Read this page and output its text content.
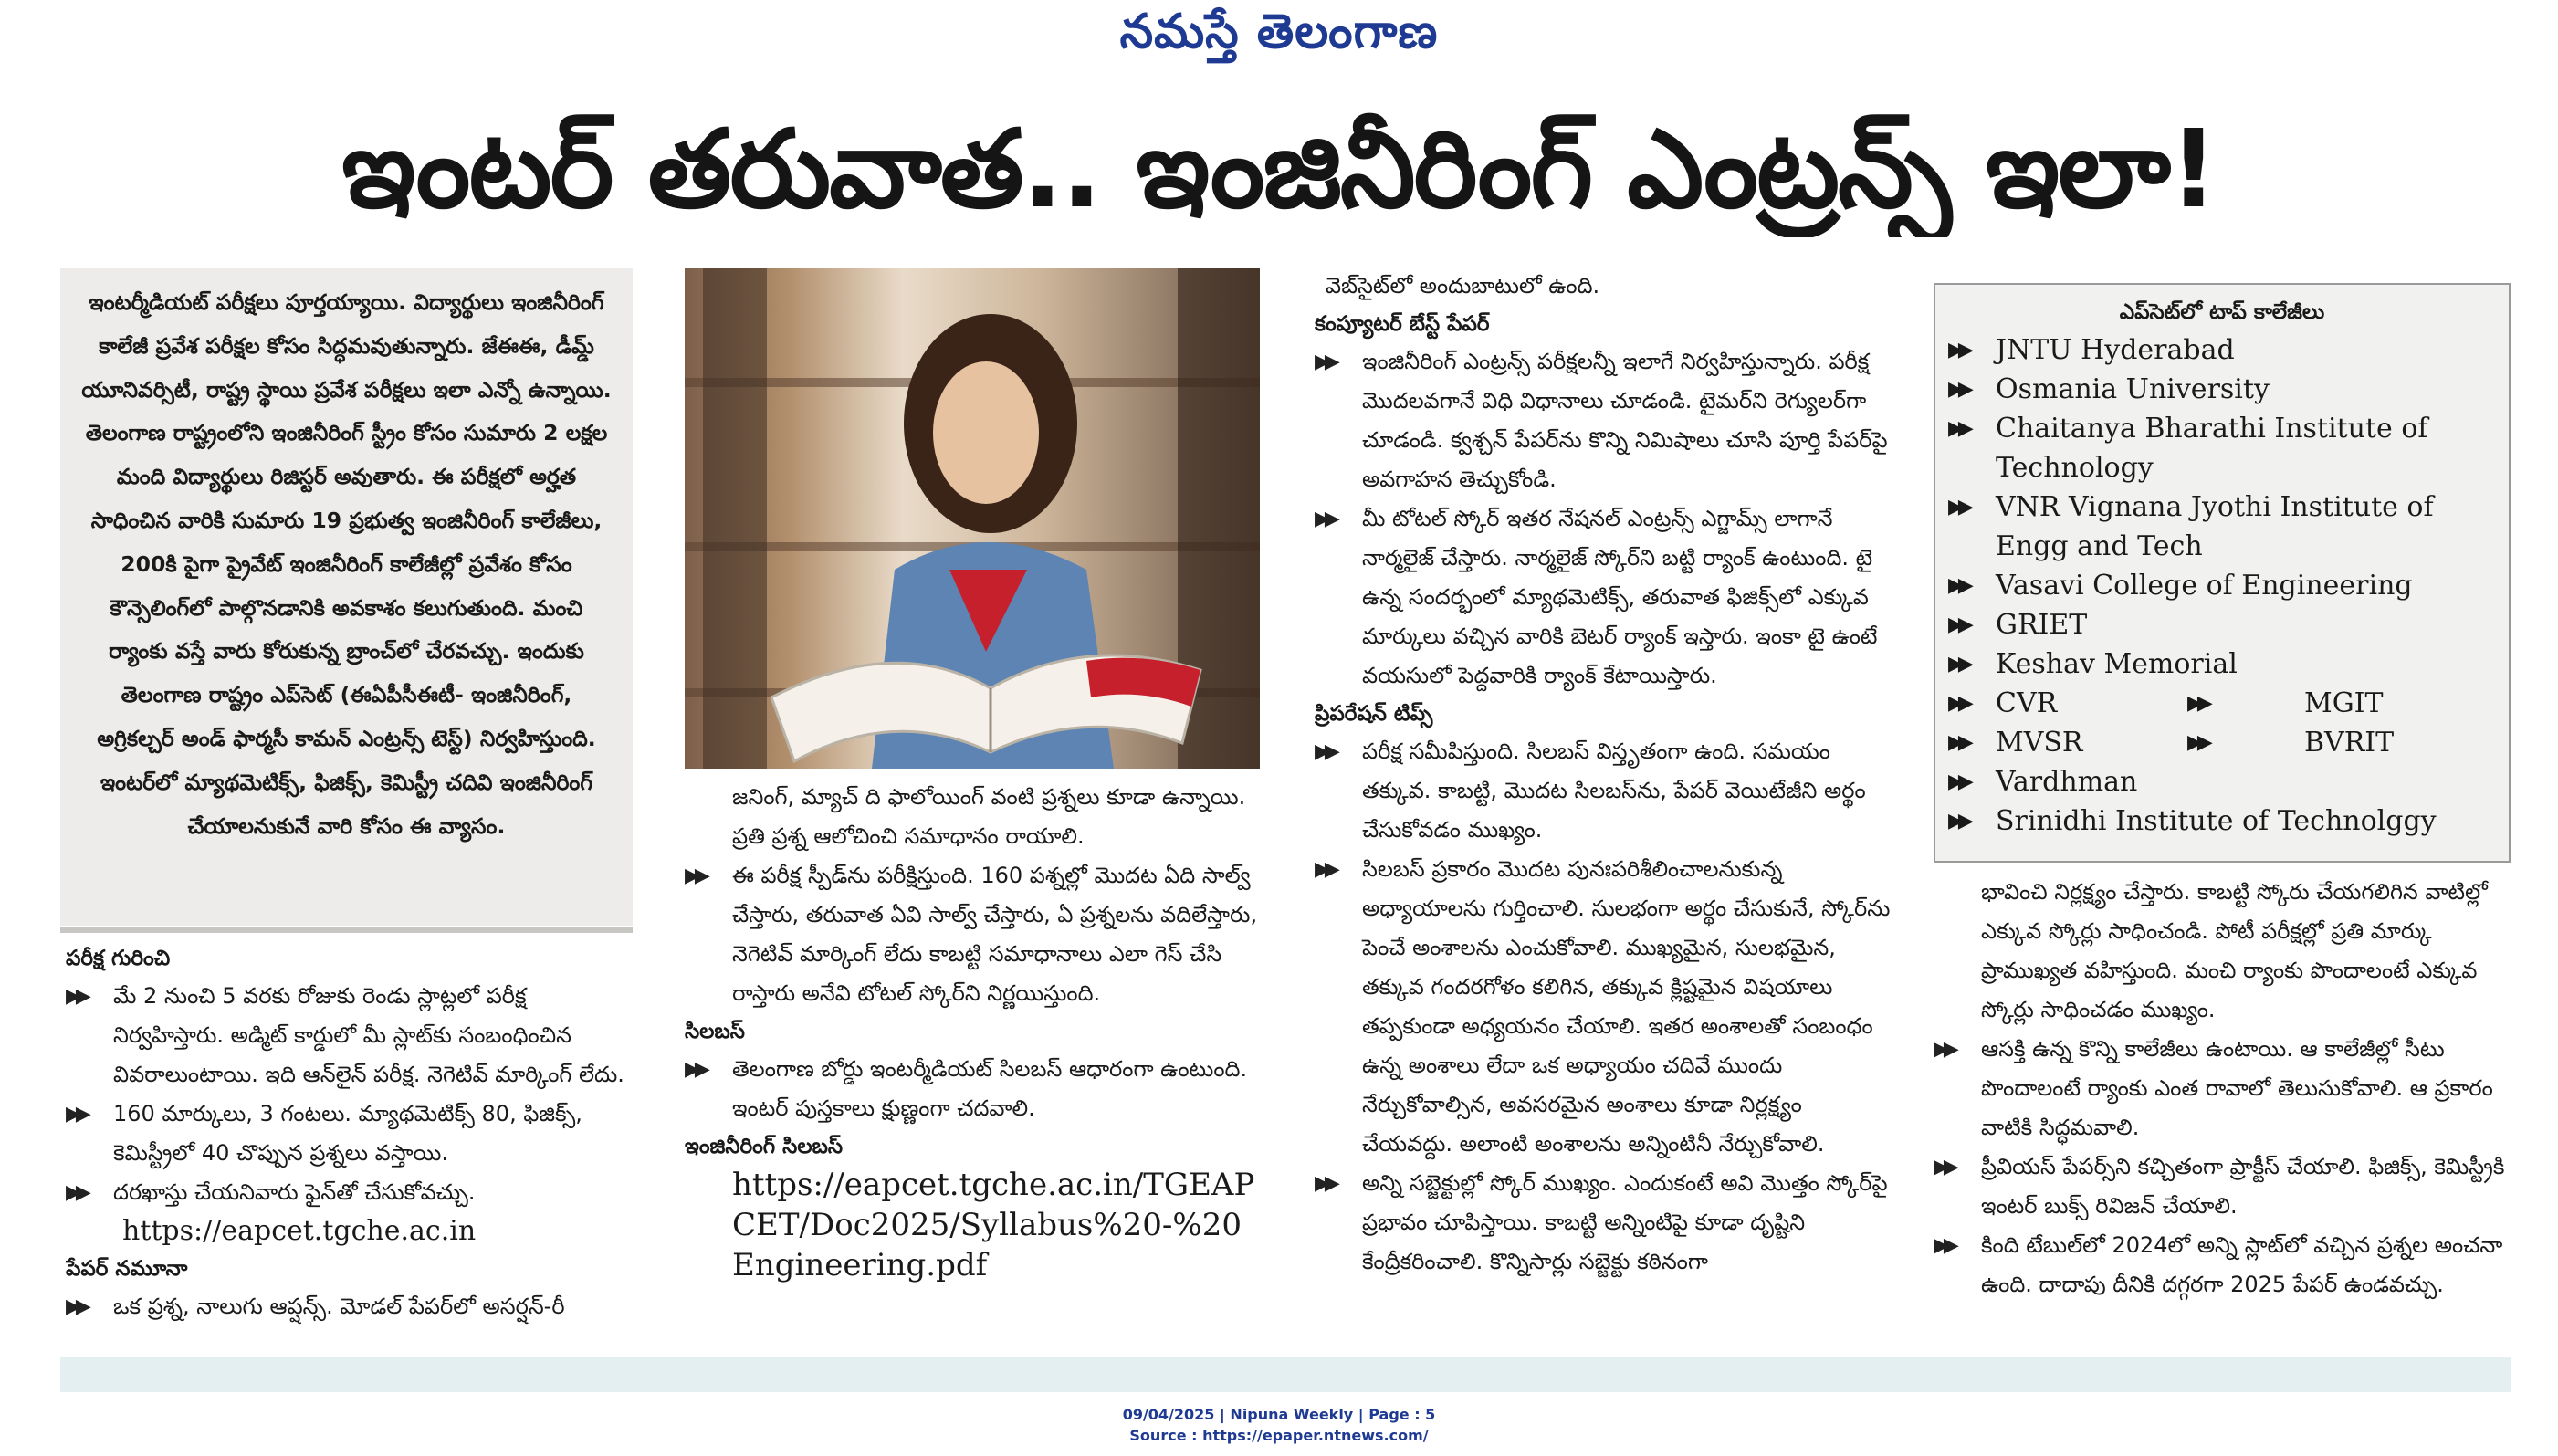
నమస్తే తెలంగాణ
ఇంటర్ తరువాత.. ఇంజినీరింగ్ ఎంట్రన్స్ ఇలా!
ఇంటర్మీడియట్ పరీక్షలు పూర్తయ్యాయి. విద్యార్థులు ఇంజినీరింగ్ కాలేజీ ప్రవేశ పరీక్షల కోసం సిద్ధమవుతున్నారు. జేఈఈ, డీమ్డ్ యూనివర్సిటీ, రాష్ట్ర స్థాయి ప్రవేశ పరీక్షలు ఇలా ఎన్నో ఉన్నాయి. తెలంగాణ రాష్ట్రంలోని ఇంజినీరింగ్ స్ట్రీం కోసం సుమారు 2 లక్షల మంది విద్యార్థులు రిజిస్టర్ అవుతారు. ఈ పరీక్షలో అర్హత సాధించిన వారికి సుమారు 19 ప్రభుత్వ ఇంజినీరింగ్ కాలేజీలు, 200కి పైగా ప్రైవేట్ ఇంజినీరింగ్ కాలేజీల్లో ప్రవేశం కోసం కౌన్సెలింగ్‌లో పాల్గొనడానికి అవకాశం కలుగుతుంది. మంచి ర్యాంకు వస్తే వారు కోరుకున్న బ్రాంచ్‌లో చేరవచ్చు. ఇందుకు తెలంగాణ రాష్ట్రం ఎప్‌సెట్ (ఈఏపీసీఈటీ- ఇంజినీరింగ్, అగ్రికల్చర్ అండ్ ఫార్మసీ కామన్ ఎంట్రన్స్ టెస్ట్) నిర్వహిస్తుంది. ఇంటర్‌లో మ్యాథమెటిక్స్, ఫిజిక్స్, కెమిస్ట్రీ చదివి ఇంజినీరింగ్ చేయాలనుకునే వారి కోసం ఈ వ్యాసం.
పరీక్ష గురించి

▶▶ మే 2 నుంచి 5 వరకు రోజుకు రెండు స్లాట్లలో పరీక్ష నిర్వహిస్తారు. అడ్మిట్ కార్డులో మీ స్లాట్‌కు సంబంధించిన వివరాలుంటాయి. ఇది ఆన్‌లైన్ పరీక్ష. నెగెటివ్ మార్కింగ్ లేదు.

▶▶ 160 మార్కులు, 3 గంటలు. మ్యాథమెటిక్స్ 80, ఫిజిక్స్, కెమిస్ట్రీలో 40 చొప్పున ప్రశ్నలు వస్తాయి.

▶▶ దరఖాస్తు చేయనివారు ఫైన్‌తో చేసుకోవచ్చు.

https://eapcet.tgche.ac.in
పేపర్ నమూనా

▶▶ ఒక ప్రశ్న, నాలుగు ఆప్షన్స్. మోడల్ పేపర్‌లో అసర్షన్-రీ

జనింగ్, మ్యాచ్ ది ఫాలోయింగ్ వంటి ప్రశ్నలు కూడా ఉన్నాయి. ప్రతి ప్రశ్న ఆలోచించి సమాధానం రాయాలి.

▶▶ ఈ పరీక్ష స్పీడ్‌ను పరీక్షిస్తుంది. 160 పశ్నల్లో మొదట ఏది సాల్వ్ చేస్తారు, తరువాత ఏవి సాల్వ్ చేస్తారు, ఏ ప్రశ్నలను వదిలేస్తారు, నెగెటివ్ మార్కింగ్ లేదు కాబట్టి సమాధానాలు ఎలా గెస్ చేసి రాస్తారు అనేవి టోటల్ స్కోర్‌ని నిర్ణయిస్తుంది.

సిలబస్

▶▶ తెలంగాణ బోర్డు ఇంటర్మీడియట్ సిలబస్ ఆధారంగా ఉంటుంది. ఇంటర్ పుస్తకాలు క్షుణ్ణంగా చదవాలి.

ఇంజినీరింగ్ సిలబస్

https://eapcet.tgche.ac.in/TGEAPCET/Doc2025/Syllabus%20-%20Engineering.pdf

వెబ్‌సైట్‌లో అందుబాటులో ఉంది.

కంప్యూటర్ బేస్ట్ పేపర్

▶▶ ఇంజినీరింగ్ ఎంట్రన్స్ పరీక్షలన్నీ ఇలాగే నిర్వహిస్తున్నారు. పరీక్ష మొదలవగానే విధి విధానాలు చూడండి. టైమర్‌ని రెగ్యులర్‌గా చూడండి. క్వశ్చన్ పేపర్‌ను కొన్ని నిమిషాలు చూసి పూర్తి పేపర్‌పై అవగాహన తెచ్చుకోండి.

▶▶ మీ టోటల్ స్కోర్ ఇతర నేషనల్ ఎంట్రన్స్ ఎగ్జామ్స్ లాగానే నార్మలైజ్ చేస్తారు. నార్మలైజ్ స్కోర్‌ని బట్టి ర్యాంక్ ఉంటుంది. టై ఉన్న సందర్భంలో మ్యాథమెటిక్స్, తరువాత ఫిజిక్స్‌లో ఎక్కువ మార్కులు వచ్చిన వారికి బెటర్ ర్యాంక్ ఇస్తారు. ఇంకా టై ఉంటే వయసులో పెద్దవారికి ర్యాంక్ కేటాయిస్తారు.

ప్రిపరేషన్ టిప్స్

▶▶ పరీక్ష సమీపిస్తుంది. సిలబస్ విస్తృతంగా ఉంది. సమయం తక్కువ. కాబట్టి, మొదట సిలబస్‌ను, పేపర్ వెయిటేజీని అర్థం చేసుకోవడం ముఖ్యం.

▶▶ సిలబస్ ప్రకారం మొదట పునఃపరిశీలించాలనుకున్న అధ్యాయాలను గుర్తించాలి. సులభంగా అర్థం చేసుకునే, స్కోర్‌ను పెంచే అంశాలను ఎంచుకోవాలి. ముఖ్యమైన, సులభమైన, తక్కువ గందరగోళం కలిగిన, తక్కువ క్లిష్టమైన విషయాలు తప్పకుండా అధ్యయనం చేయాలి. ఇతర అంశాలతో సంబంధం ఉన్న అంశాలు లేదా ఒక అధ్యాయం చదివే ముందు నేర్చుకోవాల్సిన, అవసరమైన అంశాలు కూడా నిర్లక్ష్యం చేయవద్దు. అలాంటి అంశాలను అన్నింటినీ నేర్చుకోవాలి.

▶▶ అన్ని సబ్జెక్టుల్లో స్కోర్ ముఖ్యం. ఎందుకంటే అవి మొత్తం స్కోర్‌పై ప్రభావం చూపిస్తాయి. కాబట్టి అన్నింటిపై కూడా దృష్టిని కేంద్రీకరించాలి. కొన్నిసార్లు సబ్జెక్టు కఠినంగా

ఎప్‌సెట్‌లో టాప్ కాలేజీలు
▶▶ JNTU Hyderabad
▶▶ Osmania University
▶▶ Chaitanya Bharathi Institute of Technology
▶▶ VNR Vignana Jyothi Institute of Engg and Tech
▶▶ Vasavi College of Engineering
▶▶ GRIET
▶▶ Keshav Memorial
▶▶ CVR	▶▶	MGIT
▶▶ MVSR	▶▶	BVRIT
▶▶ Vardhman
▶▶ Srinidhi Institute of Technolggy

భావించి నిర్లక్ష్యం చేస్తారు. కాబట్టి స్కోరు చేయగలిగిన వాటిల్లో ఎక్కువ స్కోర్లు సాధించండి. పోటీ పరీక్షల్లో ప్రతి మార్కు ప్రాముఖ్యత వహిస్తుంది. మంచి ర్యాంకు పొందాలంటే ఎక్కువ స్కోర్లు సాధించడం ముఖ్యం.

▶▶ ఆసక్తి ఉన్న కొన్ని కాలేజీలు ఉంటాయి. ఆ కాలేజీల్లో సీటు పొందాలంటే ర్యాంకు ఎంత రావాలో తెలుసుకోవాలి. ఆ ప్రకారం వాటికి సిద్ధమవాలి.

▶▶ ప్రీవియస్ పేపర్స్‌ని కచ్చితంగా ప్రాక్టీస్ చేయాలి. ఫిజిక్స్, కెమిస్ట్రీకి ఇంటర్ బుక్స్ రివిజన్ చేయాలి.

▶▶ కింది టేబుల్‌లో 2024లో అన్ని స్లాట్‌లో వచ్చిన ప్రశ్నల అంచనా ఉంది. దాదాపు దీనికి దగ్గరగా 2025 పేపర్ ఉండవచ్చు.

09/04/2025 | Nipuna Weekly | Page : 5
Source : https://epaper.ntnews.com/
